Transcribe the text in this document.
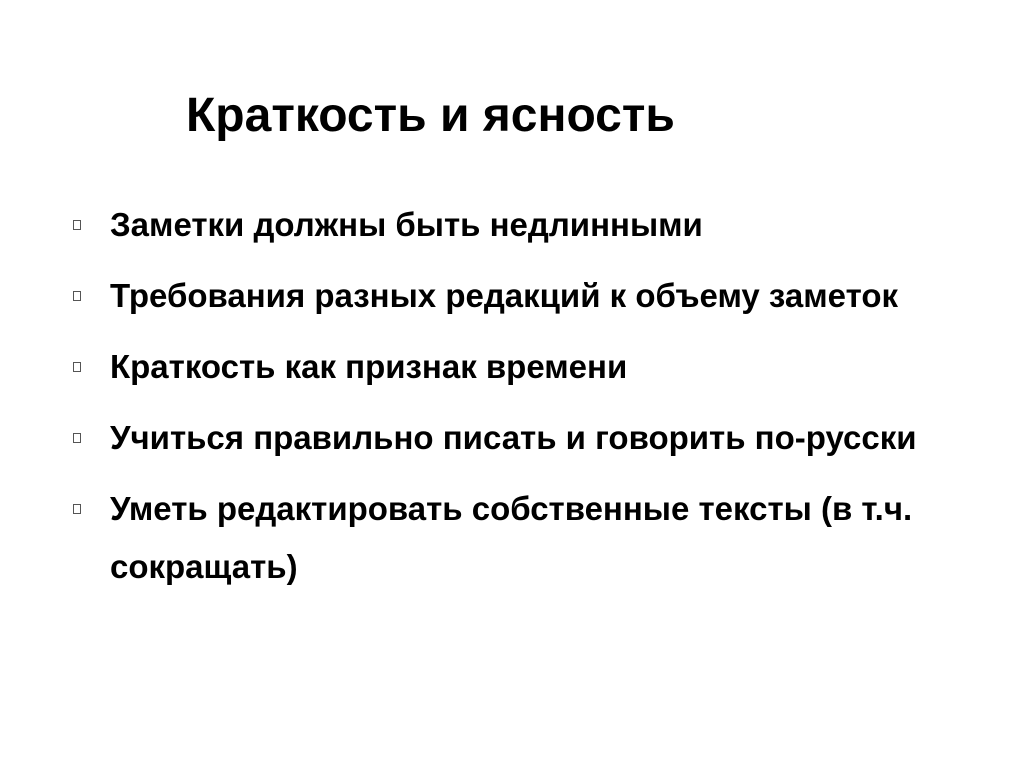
Краткость и ясность
Заметки должны быть недлинными
Требования разных редакций к объему заметок
Краткость как признак времени
Учиться правильно писать и говорить по-русски
Уметь редактировать собственные тексты (в т.ч. сокращать)
